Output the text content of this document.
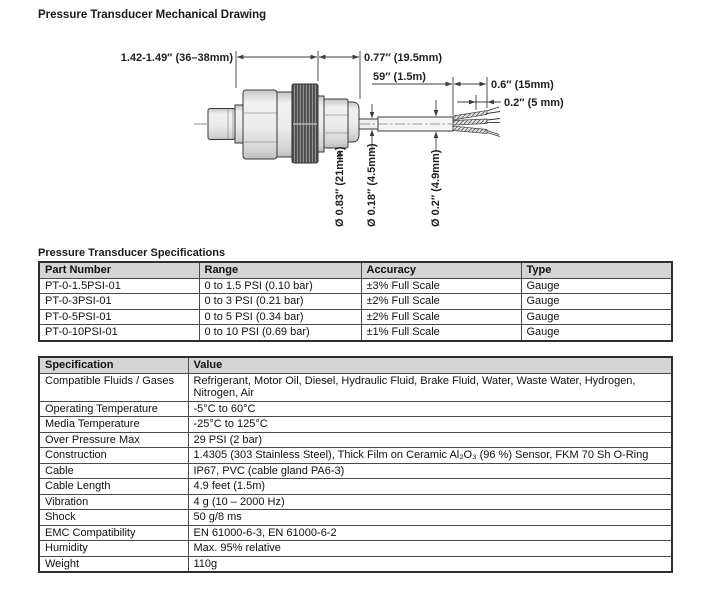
Pressure Transducer Mechanical Drawing
1.42-1.49″ (36–38mm)	0.77″ (19.5mm)
59″ (1.5m)
0.6″ (15mm)
0.2″ (5 mm)
Ø 0.83″ (21mm) Ø 0.18″ (4.5mm)	Ø 0.2″ (4.9mm)
Pressure Transducer Specifications
Part Number	Range	Accuracy	Type
PT-0-1.5PSI-01	0 to 1.5 PSI (0.10 bar)	±3% Full Scale	Gauge
PT-0-3PSI-01	0 to 3 PSI (0.21 bar)	±2% Full Scale	Gauge
PT-0-5PSI-01	0 to 5 PSI (0.34 bar)	±2% Full Scale	Gauge
PT-0-10PSI-01	0 to 10 PSI (0.69 bar)	±1% Full Scale	Gauge
Specification	Value
Compatible Fluids / Gases	Refrigerant, Motor Oil, Diesel, Hydraulic Fluid, Brake Fluid, Water, Waste Water, Hydrogen, Nitrogen, Air
Operating Temperature	-5°C to 60°C
Media Temperature	-25°C to 125°C
Over Pressure Max	29 PSI (2 bar)
Construction	1.4305 (303 Stainless Steel), Thick Film on Ceramic Al₂O₃ (96 %) Sensor, FKM 70 Sh O-Ring
Cable	IP67, PVC (cable gland PA6-3)
Cable Length	4.9 feet (1.5m)
Vibration	4 g (10 – 2000 Hz)
Shock	50 g/8 ms
EMC Compatibility	EN 61000-6-3, EN 61000-6-2
Humidity	Max. 95% relative
Weight	110g
